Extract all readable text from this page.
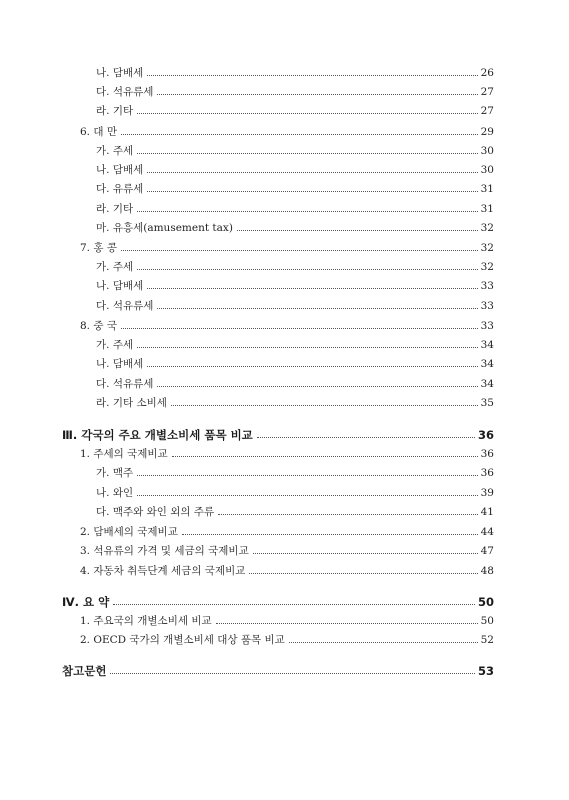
나. 담배세	26
다. 석유류세	27
라. 기타	27
6. 대 만	29
가. 주세	30
나. 담배세	30
다. 유류세	31
라. 기타	31
마. 유흥세(amusement tax)	32
7. 홍 콩	32
가. 주세	32
나. 담배세	33
다. 석유류세	33
8. 중 국	33
가. 주세	34
나. 담배세	34
다. 석유류세	34
라. 기타 소비세	35
Ⅲ. 각국의 주요 개별소비세 품목 비교	36
1. 주세의 국제비교	36
가. 맥주	36
나. 와인	39
다. 맥주와 와인 외의 주류	41
2. 담배세의 국제비교	44
3. 석유류의 가격 및 세금의 국제비교	47
4. 자동차 취득단계 세금의 국제비교	48
Ⅳ. 요 약	50
1. 주요국의 개별소비세 비교	50
2. OECD 국가의 개별소비세 대상 품목 비교	52
참고문헌	53
